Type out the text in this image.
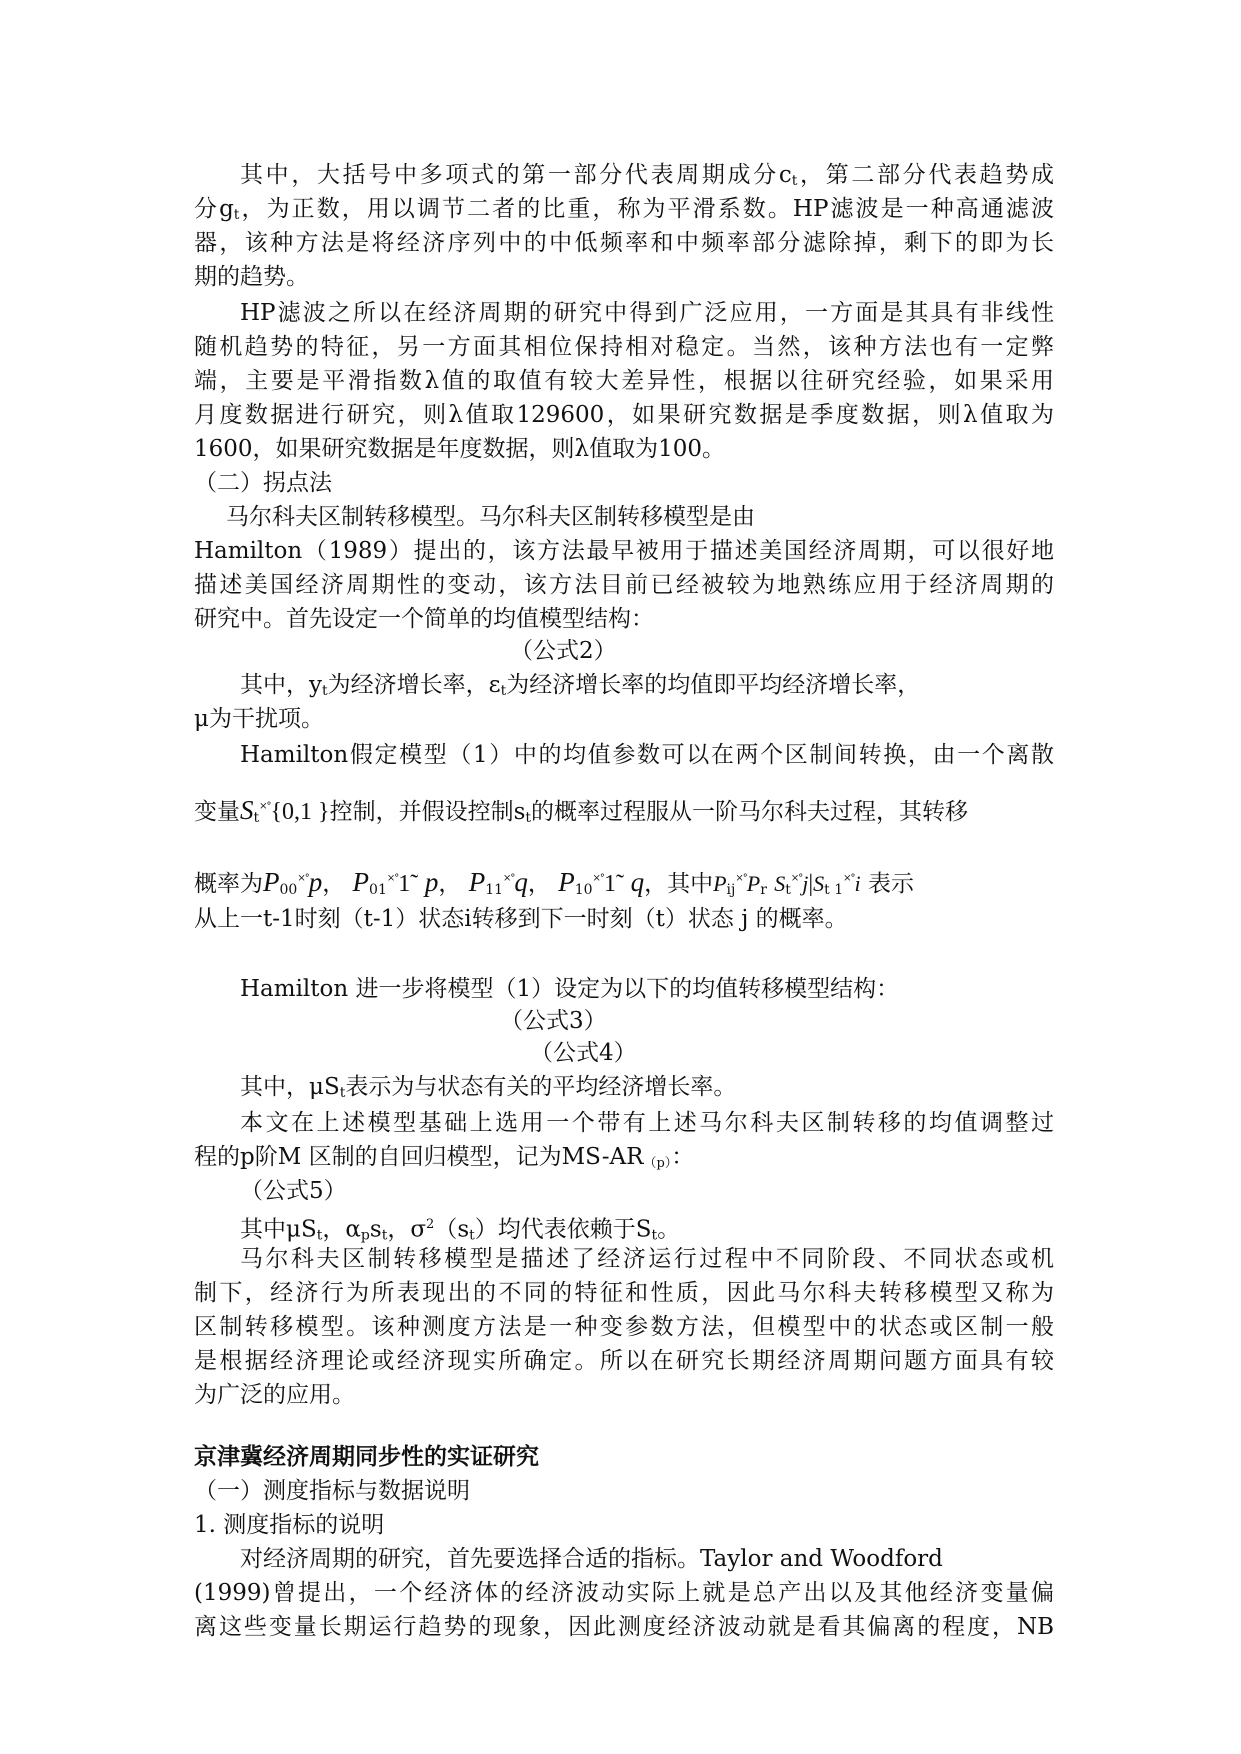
其中，大括号中多项式的第一部分代表周期成分$c_t$，第二部分代表趋势成
分$g_t$，为正数，用以调节二者的比重，称为平滑系数。HP滤波是一种高通滤波
器，该种方法是将经济序列中的中低频率和中频率部分滤除掉，剩下的即为长
期的趋势。
HP滤波之所以在经济周期的研究中得到广泛应用，一方面是其具有非线性
随机趋势的特征，另一方面其相位保持相对稳定。当然，该种方法也有一定弊
端，主要是平滑指数λ值的取值有较大差异性，根据以往研究经验，如果采用
月度数据进行研究，则λ值取129600，如果研究数据是季度数据，则λ值取为
1600，如果研究数据是年度数据，则λ值取为100。
（二）拐点法
马尔科夫区制转移模型。马尔科夫区制转移模型是由
Hamilton（1989）提出的，该方法最早被用于描述美国经济周期，可以很好地
描述美国经济周期性的变动，该方法目前已经被较为地熟练应用于经济周期的
研究中。首先设定一个简单的均值模型结构：
（公式2）
其中，$y_t$为经济增长率，$\varepsilon_t$为经济增长率的均值即平均经济增长率，
μ为干扰项。
Hamilton假定模型（1）中的均值参数可以在两个区制间转换，由一个离散
变量$S_t^{\times^\circ}\{0,1$ }控制，并假设控制$s_t$的概率过程服从一阶马尔科夫过程，其转移
概率为$P_{00}^{\times^\circ}p$， $P_{01}^{\times^\circ}1̃$ p， $P_{11}^{\times^\circ}q$， $P_{10}^{\times^\circ}1̃$ q，其中$P_{ij}^{\times^\circ}P_r$ $S_t^{\times^\circ}j|S_{t 1}^{\times^\circ}i$ 表示
从上一t-1时刻（t-1）状态i转移到下一时刻（t）状态 j 的概率。
Hamilton 进一步将模型（1）设定为以下的均值转移模型结构：
（公式3）
（公式4）
其中，$\mu S_t$表示为与状态有关的平均经济增长率。
本文在上述模型基础上选用一个带有上述马尔科夫区制转移的均值调整过
程的p阶M 区制的自回归模型，记为$MS-AR_{(p)}$：
（公式5）
其中$\mu S_t$，$\alpha_ps_t$，$\sigma^2(s_t)$均代表依赖于$S_t$。
马尔科夫区制转移模型是描述了经济运行过程中不同阶段、不同状态或机
制下，经济行为所表现出的不同的特征和性质，因此马尔科夫转移模型又称为
区制转移模型。该种测度方法是一种变参数方法，但模型中的状态或区制一般
是根据经济理论或经济现实所确定。所以在研究长期经济周期问题方面具有较
为广泛的应用。
京津冀经济周期同步性的实证研究
（一）测度指标与数据说明
1. 测度指标的说明
对经济周期的研究，首先要选择合适的指标。Taylor and Woodford
(1999)曾提出，一个经济体的经济波动实际上就是总产出以及其他经济变量偏
离这些变量长期运行趋势的现象，因此测度经济波动就是看其偏离的程度，NB
